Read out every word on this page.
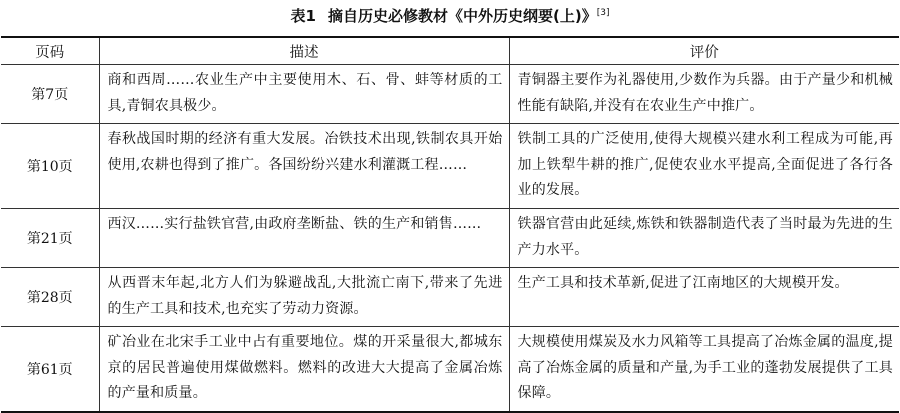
表1 摘自历史必修教材《中外历史纲要(上)》[3]
页码	描述	评价
第7页	商和西周……农业生产中主要使用木、石、骨、蚌等材质的工具,青铜农具极少。	青铜器主要作为礼器使用,少数作为兵器。由于产量少和机械性能有缺陷,并没有在农业生产中推广。
第10页	春秋战国时期的经济有重大发展。冶铁技术出现,铁制农具开始使用,农耕也得到了推广。各国纷纷兴建水利灌溉工程……	铁制工具的广泛使用,使得大规模兴建水利工程成为可能,再加上铁犁牛耕的推广,促使农业水平提高,全面促进了各行各业的发展。
第21页	西汉……实行盐铁官营,由政府垄断盐、铁的生产和销售……	铁器官营由此延续,炼铁和铁器制造代表了当时最为先进的生产力水平。
第28页	从西晋末年起,北方人们为躲避战乱,大批流亡南下,带来了先进的生产工具和技术,也充实了劳动力资源。	生产工具和技术革新,促进了江南地区的大规模开发。
第61页	矿冶业在北宋手工业中占有重要地位。煤的开采量很大,都城东京的居民普遍使用煤做燃料。燃料的改进大大提高了金属冶炼的产量和质量。	大规模使用煤炭及水力风箱等工具提高了冶炼金属的温度,提高了冶炼金属的质量和产量,为手工业的蓬勃发展提供了工具保障。
